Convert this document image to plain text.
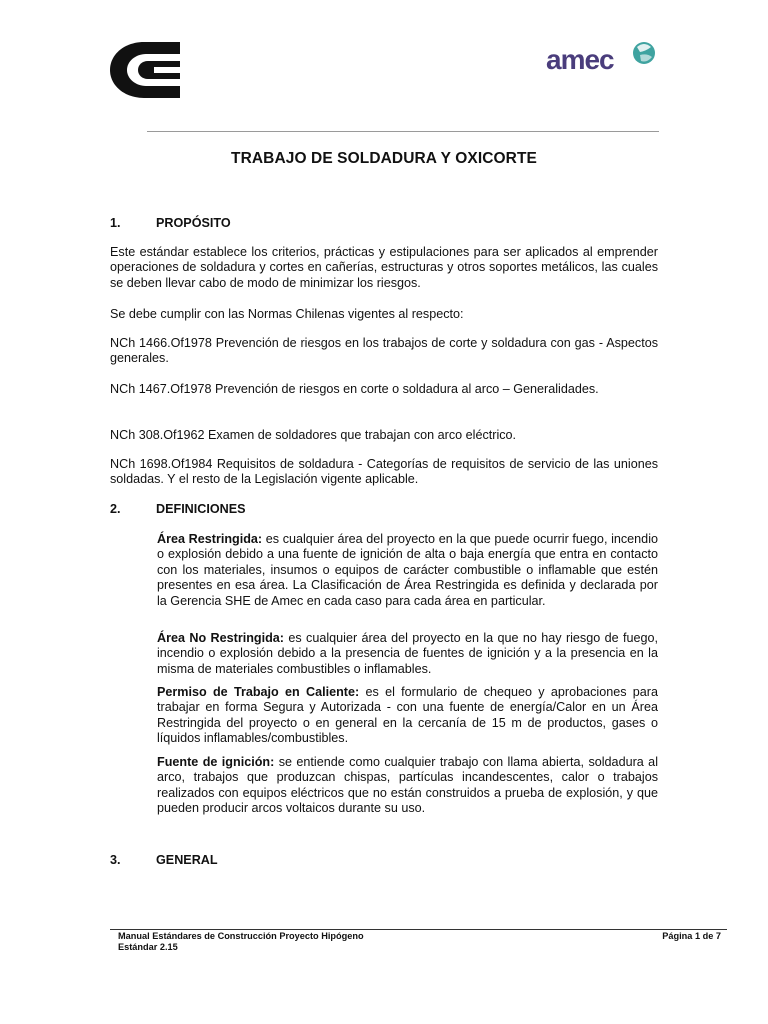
amec
TRABAJO DE SOLDADURA Y OXICORTE
1.	PROPÓSITO

Este estándar establece los criterios, prácticas y estipulaciones para ser aplicados al emprender operaciones de soldadura y cortes en cañerías, estructuras y otros soportes metálicos, las cuales se deben llevar cabo de modo de minimizar los riesgos.

Se debe cumplir con las Normas Chilenas vigentes al respecto:

NCh 1466.Of1978 Prevención de riesgos en los trabajos de corte y soldadura con gas - Aspectos generales.

NCh 1467.Of1978 Prevención de riesgos en corte o soldadura al arco – Generalidades.

NCh 308.Of1962 Examen de soldadores que trabajan con arco eléctrico.

NCh 1698.Of1984 Requisitos de soldadura - Categorías de requisitos de servicio de las uniones soldadas. Y el resto de la Legislación vigente aplicable.

2.	DEFINICIONES

Área Restringida: es cualquier área del proyecto en la que puede ocurrir fuego, incendio o explosión debido a una fuente de ignición de alta o baja energía que entra en contacto con los materiales, insumos o equipos de carácter combustible o inflamable que estén presentes en esa área. La Clasificación de Área Restringida es definida y declarada por la Gerencia SHE de Amec en cada caso para cada área en particular.

Área No Restringida: es cualquier área del proyecto en la que no hay riesgo de fuego, incendio o explosión debido a la presencia de fuentes de ignición y a la presencia en la misma de materiales combustibles o inflamables.

Permiso de Trabajo en Caliente: es el formulario de chequeo y aprobaciones para trabajar en forma Segura y Autorizada - con una fuente de energía/Calor en un Área Restringida del proyecto o en general en la cercanía de 15 m de productos, gases o líquidos inflamables/combustibles.

Fuente de ignición: se entiende como cualquier trabajo con llama abierta, soldadura al arco, trabajos que produzcan chispas, partículas incandescentes, calor o trabajos realizados con equipos eléctricos que no están construidos a prueba de explosión, y que pueden producir arcos voltaicos durante su uso.

3.	GENERAL
Manual Estándares de Construcción Proyecto Hipógeno
Estándar 2.15
Página 1 de 7
